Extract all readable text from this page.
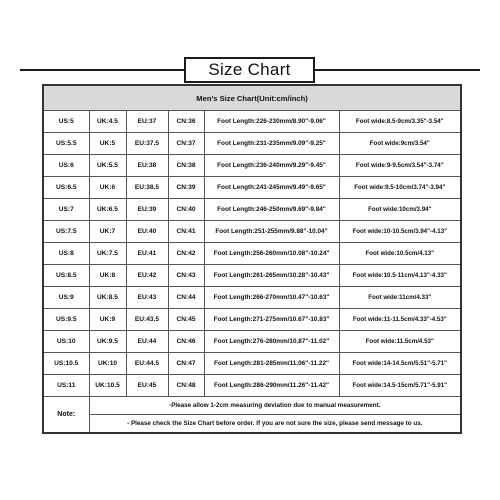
Size Chart
Men's Size Chart(Unit:cm/inch)					
US:5	UK:4.5	EU:37	CN:36	Foot Length:226-230mm/8.90"-9.06"	Foot wide:8.5-9cm/3.35"-3.54"
US:5.5	UK:5	EU:37.5	CN:37	Foot Length:231-235mm/9.09"-9.25"	Foot wide:9cm/3.54"
US:6	UK:5.5	EU:38	CN:38	Foot Length:236-240mm/9.29"-9.45"	Foot wide:9-9.5cm/3.54"-3.74"
US:6.5	UK:6	EU:38.5	CN:39	Foot Length:241-245mm/9.49"-9.65"	Foot wide:9.5-10cm/3.74"-3.94"
US:7	UK:6.5	EU:39	CN:40	Foot Length:246-250mm/9.69"-9.84"	Foot wide:10cm/3.94"
US:7.5	UK:7	EU:40	CN:41	Foot Length:251-255mm/9.88"-10.04"	Foot wide:10-10.5cm/3.94"-4.13"
US:8	UK:7.5	EU:41	CN:42	Foot Length:256-260mm/10.08"-10.24"	Foot wide:10.5cm/4.13"
US:8.5	UK:8	EU:42	CN:43	Foot Length:261-265mm/10.28"-10.43"	Foot wide:10.5-11cm/4.13"-4.33"
US:9	UK:8.5	EU:43	CN:44	Foot Length:266-270mm/10.47"-10.63"	Foot wide:11cm/4.33"
US:9.5	UK:9	EU:43.5	CN:45	Foot Length:271-275mm/10.67"-10.83"	Foot wide:11-11.5cm/4.33"-4.53"
US:10	UK:9.5	EU:44	CN:46	Foot Length:276-280mm/10.87"-11.02"	Foot wide:11.5cm/4.53"
US:10.5	UK:10	EU:44.5	CN:47	Foot Length:281-285mm/11.06"-11.22"	Foot wide:14-14.5cm/5.51"-5.71"
US:11	UK:10.5	EU:45	CN:48	Foot Length:286-290mm/11.26"-11.42"	Foot wide:14.5-15cm/5.71"-5.91"
Note:	-Please allow 1-2cm measuring deviation due to manual measurement.				
	- Please check the Size Chart before order. If you are not sure the size, please send message to us.				
